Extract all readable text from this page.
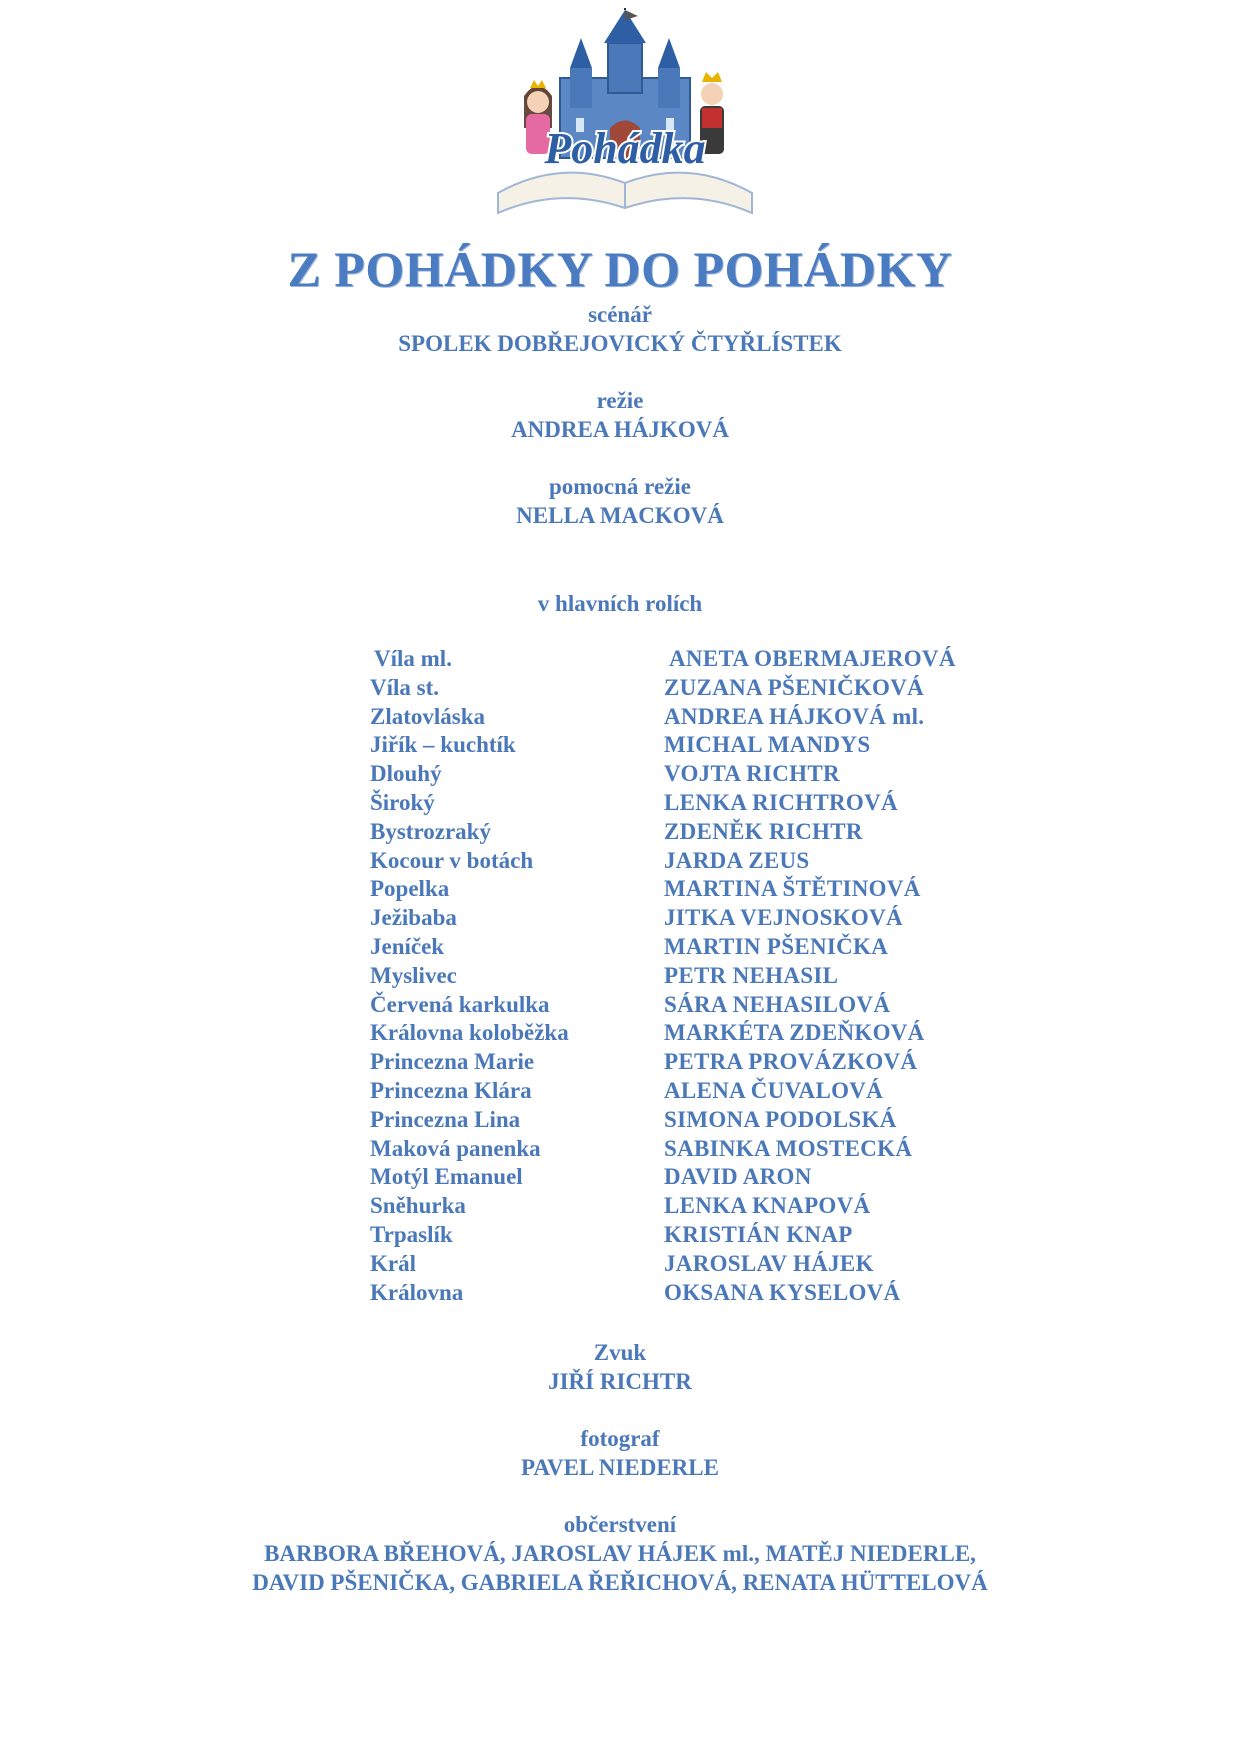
Pohádka
Z POHÁDKY DO POHÁDKY
scénář
SPOLEK DOBŘEJOVICKÝ ČTYŘLÍSTEK
režie
ANDREA HÁJKOVÁ
pomocná režie
NELLA MACKOVÁ
v hlavních rolích
Víla ml.	ANETA OBERMAJEROVÁ
Víla st.	ZUZANA PŠENIČKOVÁ
Zlatovláska	ANDREA HÁJKOVÁ ml.
Jiřík – kuchtík	MICHAL MANDYS
Dlouhý	VOJTA RICHTR
Široký	LENKA RICHTROVÁ
Bystrozraký	ZDENĚK RICHTR
Kocour v botách	JARDA ZEUS
Popelka	MARTINA ŠTĚTINOVÁ
Ježibaba	JITKA VEJNOSKOVÁ
Jeníček	MARTIN PŠENIČKA
Myslivec	PETR NEHASIL
Červená karkulka	SÁRA NEHASILOVÁ
Královna koloběžka	MARKÉTA ZDEŇKOVÁ
Princezna Marie	PETRA PROVÁZKOVÁ
Princezna Klára	ALENA ČUVALOVÁ
Princezna Lina	SIMONA PODOLSKÁ
Maková panenka	SABINKA MOSTECKÁ
Motýl Emanuel	DAVID ARON
Sněhurka	LENKA KNAPOVÁ
Trpaslík	KRISTIÁN KNAP
Král	JAROSLAV HÁJEK
Královna	OKSANA KYSELOVÁ
Zvuk
JIŘÍ RICHTR
fotograf
PAVEL NIEDERLE
občerstvení
BARBORA BŘEHOVÁ, JAROSLAV HÁJEK ml., MATĚJ NIEDERLE,
DAVID PŠENIČKA, GABRIELA ŘEŘICHOVÁ, RENATA HÜTTELOVÁ
